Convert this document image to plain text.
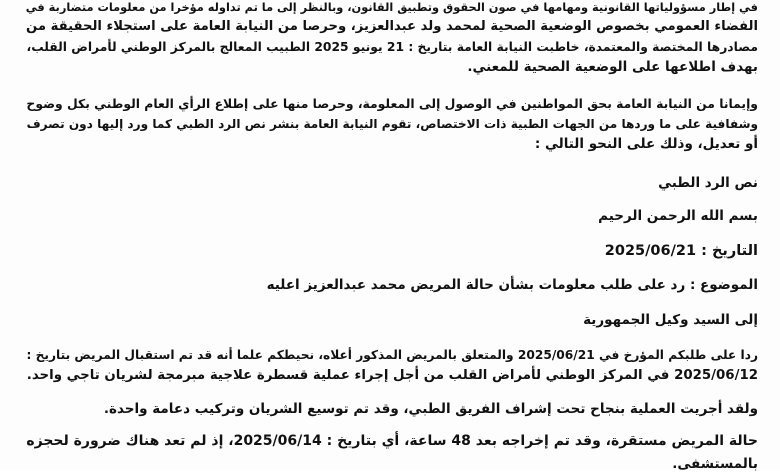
في إطار مسؤولياتها القانونية ومهامها في صون الحقوق وتطبيق القانون، وبالنظر إلى ما تم تداوله مؤخرا من معلومات متضاربة في
الفضاء العمومي بخصوص الوضعية الصحية لمحمد ولد عبدالعزيز، وحرصا من النيابة العامة على استجلاء الحقيقة من
مصادرها المختصة والمعتمدة، خاطبت النيابة العامة بتاريخ : 21 يونيو 2025 الطبيب المعالج بالمركز الوطني لأمراض القلب،
بهدف اطلاعها على الوضعية الصحية للمعني.
وإيمانا من النيابة العامة بحق المواطنين في الوصول إلى المعلومة، وحرصا منها على إطلاع الرأي العام الوطني بكل وضوح
وشفافية على ما وردها من الجهات الطبية ذات الاختصاص، تقوم النيابة العامة بنشر نص الرد الطبي كما ورد إليها دون تصرف
أو تعديل، وذلك على النحو التالي :
نص الرد الطبي
بسم الله الرحمن الرحيم
التاريخ : 2025/06/21
الموضوع : رد على طلب معلومات بشأن حالة المريض محمد عبدالعزيز اعليه
إلى السيد وكيل الجمهورية
ردا على طلبكم المؤرخ في 2025/06/21 والمتعلق بالمريض المذكور أعلاه، نحيطكم علما أنه قد تم استقبال المريض بتاريخ :
2025/06/12 في المركز الوطني لأمراض القلب من أجل إجراء عملية قسطرة علاجية مبرمجة لشريان تاجي واحد.
ولقد أجريت العملية بنجاح تحت إشراف الفريق الطبي، وقد تم توسيع الشريان وتركيب دعامة واحدة.
حالة المريض مستقرة، وقد تم إخراجه بعد 48 ساعة، أي بتاريخ : 2025/06/14، إذ لم تعد هناك ضرورة لحجزه
بالمستشفى.
